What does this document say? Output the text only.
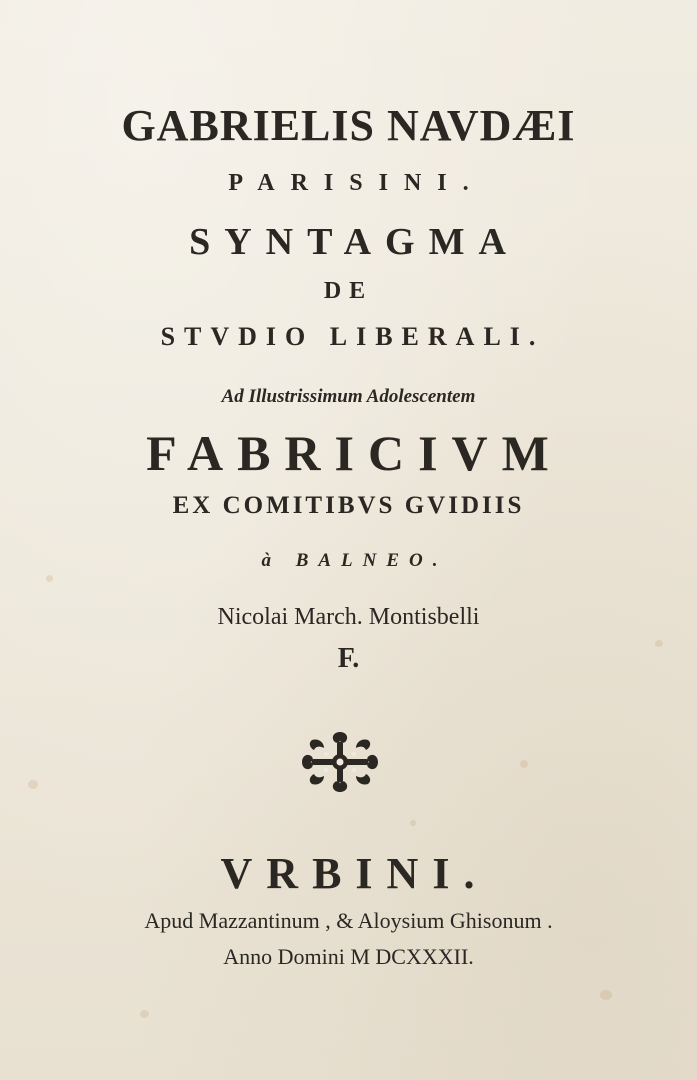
GABRIELIS NAVDÆI
PARISINI.
SYNTAGMA
DE
STVDIO LIBERALI.
Ad Illustrissimum Adolescentem
FABRICIVM
EX COMITIBVS GVIDIIS
à BALNEO.
Nicolai March. Montisbelli
F.
VRBINI.
Apud Mazzantinum , & Aloysium Ghisonum .
Anno Domini M DCXXXII.
